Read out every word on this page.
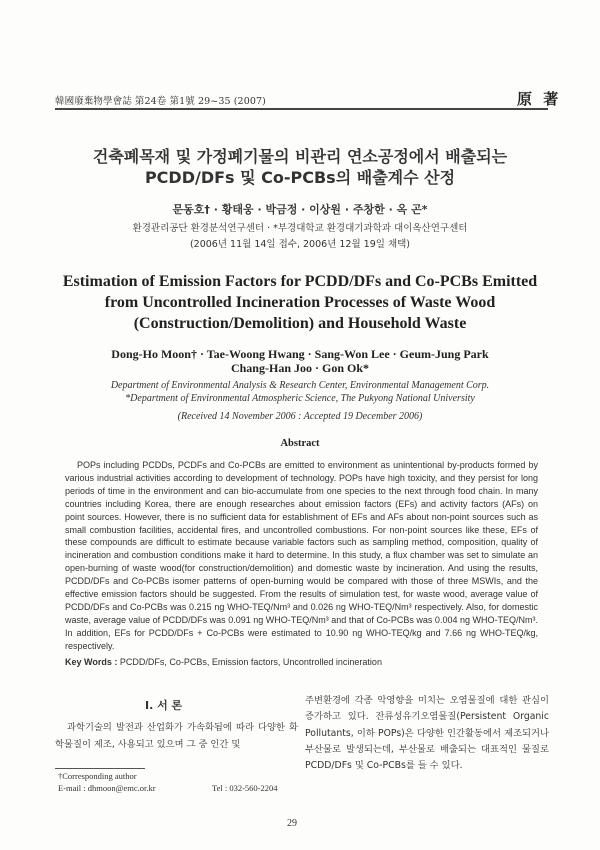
韓國廢棄物學會誌 第24卷 第1號 29~35 (2007)	原 著
건축폐목재 및 가정폐기물의 비관리 연소공정에서 배출되는
PCDD/DFs 및 Co-PCBs의 배출계수 산정
문동호† · 황태웅 · 박금정 · 이상원 · 주창한 · 옥 곤*
환경관리공단 환경분석연구센터 · *부경대학교 환경대기과학과 대이옥산연구센터
(2006년 11월 14일 접수, 2006년 12월 19일 채택)
Estimation of Emission Factors for PCDD/DFs and Co-PCBs Emitted
from Uncontrolled Incineration Processes of Waste Wood
(Construction/Demolition) and Household Waste
Dong-Ho Moon† · Tae-Woong Hwang · Sang-Won Lee · Geum-Jung Park
Chang-Han Joo · Gon Ok*
Department of Environmental Analysis & Research Center, Environmental Management Corp.
*Department of Environmental Atmospheric Science, The Pukyong National University
(Received 14 November 2006 : Accepted 19 December 2006)
Abstract

POPs including PCDDs, PCDFs and Co-PCBs are emitted to environment as unintentional by-products formed by various industrial activities according to development of technology. POPs have high toxicity, and they persist for long periods of time in the environment and can bio-accumulate from one species to the next through food chain. In many countries including Korea, there are enough researches about emission factors (EFs) and activity factors (AFs) on point sources. However, there is no sufficient data for establishment of EFs and AFs about non-point sources such as small combustion facilities, accidental fires, and uncontrolled combustions. For non-point sources like these, EFs of these compounds are difficult to estimate because variable factors such as sampling method, composition, quality of incineration and combustion conditions make it hard to determine. In this study, a flux chamber was set to simulate an open-burning of waste wood(for construction/demolition) and domestic waste by incineration. And using the results, PCDD/DFs and Co-PCBs isomer patterns of open-burning would be compared with those of three MSWIs, and the effective emission factors should be suggested. From the results of simulation test, for waste wood, average value of PCDD/DFs and Co-PCBs was 0.215 ng WHO-TEQ/Nm³ and 0.026 ng WHO-TEQ/Nm³ respectively. Also, for domestic waste, average value of PCDD/DFs was 0.091 ng WHO-TEQ/Nm³ and that of Co-PCBs was 0.004 ng WHO-TEQ/Nm³. In addition, EFs for PCDD/DFs + Co-PCBs were estimated to 10.90 ng WHO-TEQ/kg and 7.66 ng WHO-TEQ/kg, respectively.

Key Words : PCDD/DFs, Co-PCBs, Emission factors, Uncontrolled incineration
I. 서 론

과학기술의 발전과 산업화가 가속화됨에 따라 다양한 화학물질이 제조, 사용되고 있으며 그 중 인간 및

주변환경에 각종 악영향을 미치는 오염물질에 대한 관심이 증가하고 있다. 잔류성유기오염물질(Persistent Organic Pollutants, 이하 POPs)은 다양한 인간활동에서 제조되거나 부산물로 발생되는데, 부산물로 배출되는 대표적인 물질로 PCDD/DFs 및 Co-PCBs를 들 수 있다.

†Corresponding author
E-mail : dhmoon@emc.or.kr	Tel : 032-560-2204
29
